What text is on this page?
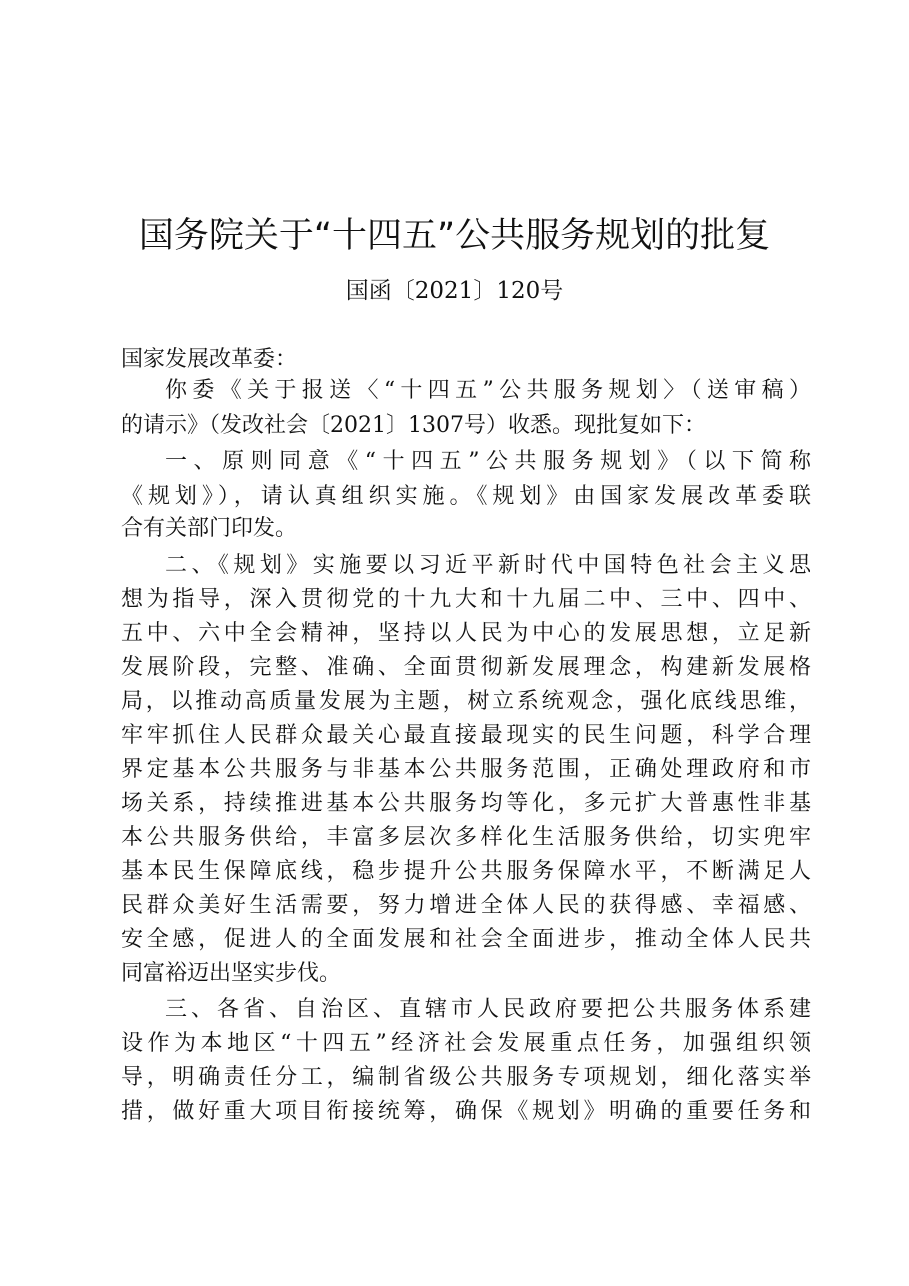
国务院关于“十四五”公共服务规划的批复
国函〔2021〕120号
国家发展改革委：
你委《关于报送〈“十四五”公共服务规划〉（送审稿）
的请示》（发改社会〔2021〕1307号）收悉。现批复如下：
一、原则同意《“十四五”公共服务规划》（以下简称
《规划》），请认真组织实施。《规划》由国家发展改革委联
合有关部门印发。
二、《规划》实施要以习近平新时代中国特色社会主义思
想为指导，深入贯彻党的十九大和十九届二中、三中、四中、
五中、六中全会精神，坚持以人民为中心的发展思想，立足新
发展阶段，完整、准确、全面贯彻新发展理念，构建新发展格
局，以推动高质量发展为主题，树立系统观念，强化底线思维，
牢牢抓住人民群众最关心最直接最现实的民生问题，科学合理
界定基本公共服务与非基本公共服务范围，正确处理政府和市
场关系，持续推进基本公共服务均等化，多元扩大普惠性非基
本公共服务供给，丰富多层次多样化生活服务供给，切实兜牢
基本民生保障底线，稳步提升公共服务保障水平，不断满足人
民群众美好生活需要，努力增进全体人民的获得感、幸福感、
安全感，促进人的全面发展和社会全面进步，推动全体人民共
同富裕迈出坚实步伐。
三、各省、自治区、直辖市人民政府要把公共服务体系建
设作为本地区“十四五”经济社会发展重点任务，加强组织领
导，明确责任分工，编制省级公共服务专项规划，细化落实举
措，做好重大项目衔接统筹，确保《规划》明确的重要任务和
